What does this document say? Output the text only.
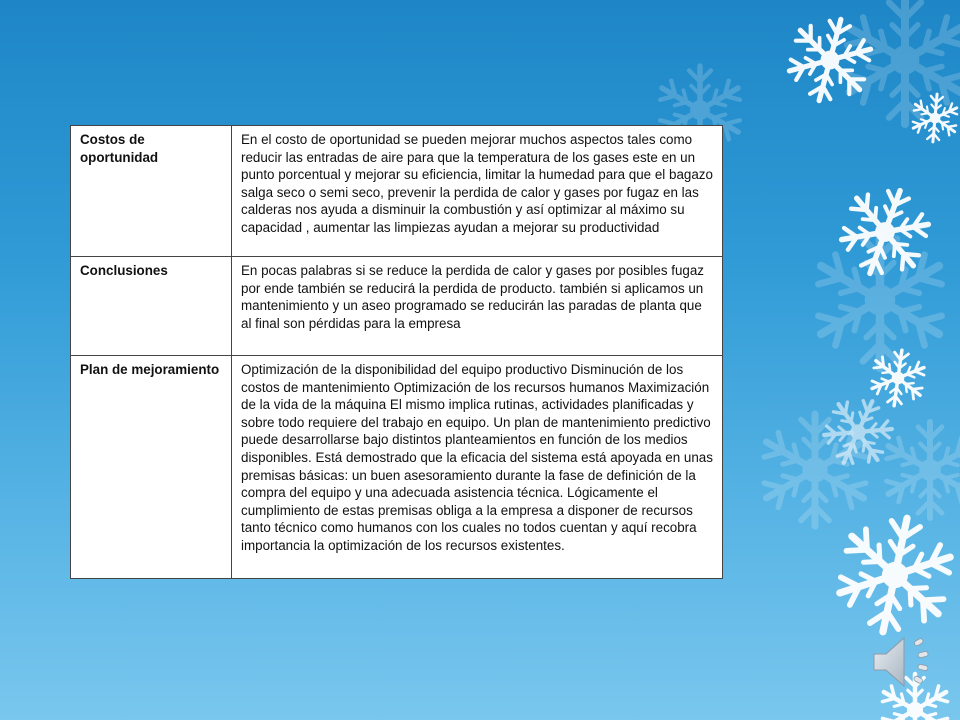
Costos de oportunidad	En el costo de oportunidad se pueden mejorar muchos aspectos tales como reducir las entradas de aire para que la temperatura de los gases este en un punto porcentual y mejorar su eficiencia, limitar la humedad para que el bagazo salga seco o semi seco, prevenir la perdida de calor y gases por fugaz en las calderas nos ayuda a disminuir la combustión y así optimizar al máximo su capacidad , aumentar las limpiezas ayudan a mejorar su productividad
Conclusiones	En pocas palabras si se reduce la perdida de calor y gases por posibles fugaz por ende también se reducirá la perdida de producto. también si aplicamos un mantenimiento y un aseo programado se reducirán las paradas de planta que al final son pérdidas para la empresa
Plan de mejoramiento	Optimización de la disponibilidad del equipo productivo Disminución de los costos de mantenimiento Optimización de los recursos humanos Maximización de la vida de la máquina El mismo implica rutinas, actividades planificadas y sobre todo requiere del trabajo en equipo. Un plan de mantenimiento predictivo puede desarrollarse bajo distintos planteamientos en función de los medios disponibles. Está demostrado que la eficacia del sistema está apoyada en unas premisas básicas: un buen asesoramiento durante la fase de definición de la compra del equipo y una adecuada asistencia técnica. Lógicamente el cumplimiento de estas premisas obliga a la empresa a disponer de recursos tanto técnico como humanos con los cuales no todos cuentan y aquí recobra importancia la optimización de los recursos existentes.
